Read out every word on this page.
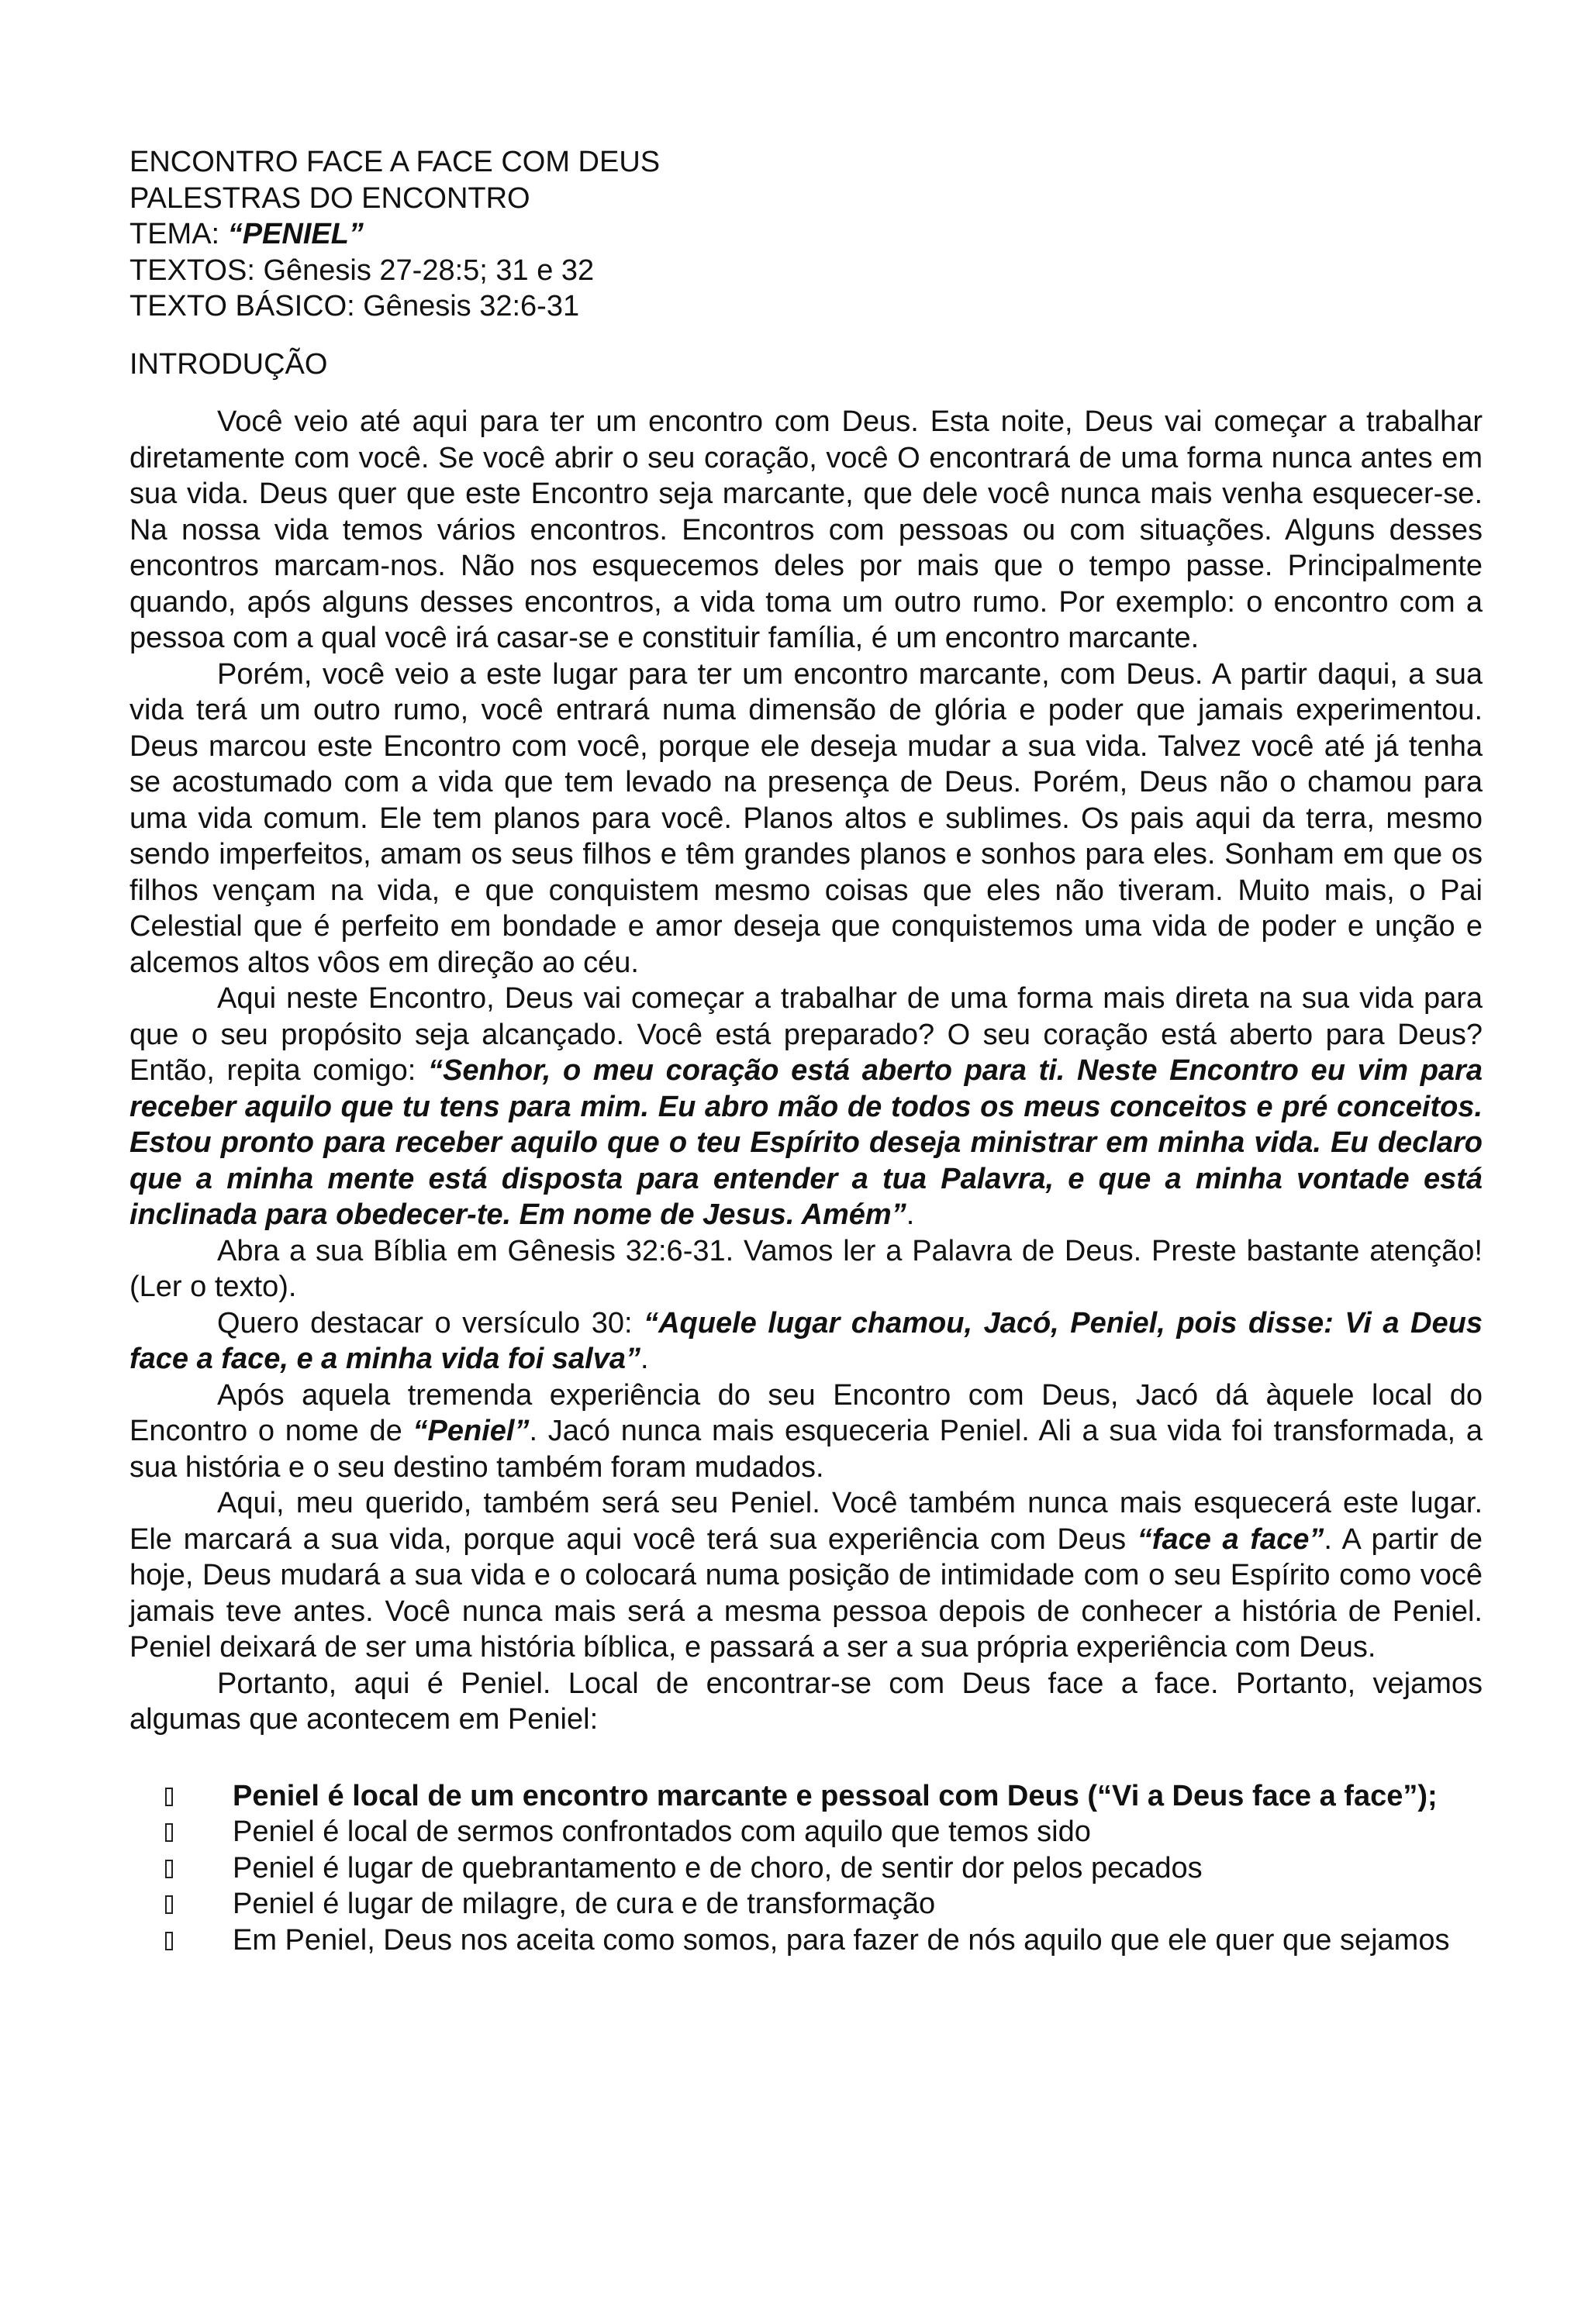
ENCONTRO FACE A FACE COM DEUS
PALESTRAS DO ENCONTRO
TEMA: “PENIEL”
TEXTOS: Gênesis 27-28:5; 31 e 32
TEXTO BÁSICO: Gênesis 32:6-31
INTRODUÇÃO

Você veio até aqui para ter um encontro com Deus. Esta noite, Deus vai começar a trabalhar diretamente com você. Se você abrir o seu coração, você O encontrará de uma forma nunca antes em sua vida. Deus quer que este Encontro seja marcante, que dele você nunca mais venha esquecer-se. Na nossa vida temos vários encontros. Encontros com pessoas ou com situações. Alguns desses encontros marcam-nos. Não nos esquecemos deles por mais que o tempo passe. Principalmente quando, após alguns desses encontros, a vida toma um outro rumo. Por exemplo: o encontro com a pessoa com a qual você irá casar-se e constituir família, é um encontro marcante.

Porém, você veio a este lugar para ter um encontro marcante, com Deus. A partir daqui, a sua vida terá um outro rumo, você entrará numa dimensão de glória e poder que jamais experimentou. Deus marcou este Encontro com você, porque ele deseja mudar a sua vida. Talvez você até já tenha se acostumado com a vida que tem levado na presença de Deus. Porém, Deus não o chamou para uma vida comum. Ele tem planos para você. Planos altos e sublimes. Os pais aqui da terra, mesmo sendo imperfeitos, amam os seus filhos e têm grandes planos e sonhos para eles. Sonham em que os filhos vençam na vida, e que conquistem mesmo coisas que eles não tiveram. Muito mais, o Pai Celestial que é perfeito em bondade e amor deseja que conquistemos uma vida de poder e unção e alcemos altos vôos em direção ao céu.

Aqui neste Encontro, Deus vai começar a trabalhar de uma forma mais direta na sua vida para que o seu propósito seja alcançado. Você está preparado? O seu coração está aberto para Deus? Então, repita comigo: “Senhor, o meu coração está aberto para ti. Neste Encontro eu vim para receber aquilo que tu tens para mim. Eu abro mão de todos os meus conceitos e pré conceitos. Estou pronto para receber aquilo que o teu Espírito deseja ministrar em minha vida. Eu declaro que a minha mente está disposta para entender a tua Palavra, e que a minha vontade está inclinada para obedecer-te. Em nome de Jesus. Amém”.

Abra a sua Bíblia em Gênesis 32:6-31. Vamos ler a Palavra de Deus. Preste bastante atenção! (Ler o texto).

Quero destacar o versículo 30: “Aquele lugar chamou, Jacó, Peniel, pois disse: Vi a Deus face a face, e a minha vida foi salva”.

Após aquela tremenda experiência do seu Encontro com Deus, Jacó dá àquele local do Encontro o nome de “Peniel”. Jacó nunca mais esqueceria Peniel. Ali a sua vida foi transformada, a sua história e o seu destino também foram mudados.

Aqui, meu querido, também será seu Peniel. Você também nunca mais esquecerá este lugar. Ele marcará a sua vida, porque aqui você terá sua experiência com Deus “face a face”. A partir de hoje, Deus mudará a sua vida e o colocará numa posição de intimidade com o seu Espírito como você jamais teve antes. Você nunca mais será a mesma pessoa depois de conhecer a história de Peniel. Peniel deixará de ser uma história bíblica, e passará a ser a sua própria experiência com Deus.

Portanto, aqui é Peniel. Local de encontrar-se com Deus face a face. Portanto, vejamos algumas que acontecem em Peniel:

Peniel é local de um encontro marcante e pessoal com Deus (“Vi a Deus face a face”);
Peniel é local de sermos confrontados com aquilo que temos sido
Peniel é lugar de quebrantamento e de choro, de sentir dor pelos pecados
Peniel é lugar de milagre, de cura e de transformação
Em Peniel, Deus nos aceita como somos, para fazer de nós aquilo que ele quer que sejamos
